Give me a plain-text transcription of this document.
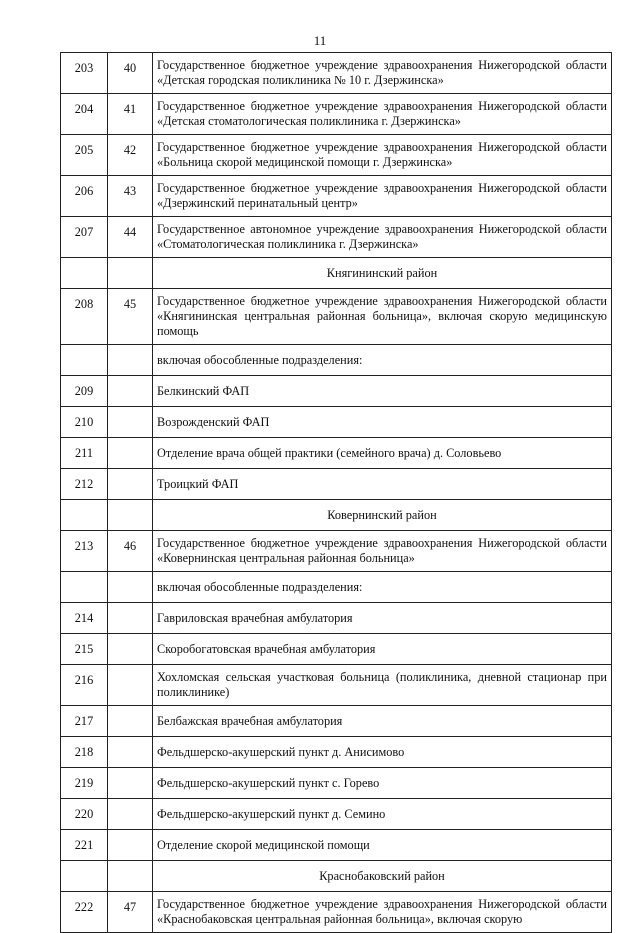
11
203	40	Государственное бюджетное учреждение здравоохранения Нижегородской области «Детская городская поликлиника № 10 г. Дзержинска»
204	41	Государственное бюджетное учреждение здравоохранения Нижегородской области «Детская стоматологическая поликлиника г. Дзержинска»
205	42	Государственное бюджетное учреждение здравоохранения Нижегородской области «Больница скорой медицинской помощи г. Дзержинска»
206	43	Государственное бюджетное учреждение здравоохранения Нижегородской области «Дзержинский перинатальный центр»
207	44	Государственное автономное учреждение здравоохранения Нижегородской области «Стоматологическая поликлиника г. Дзержинска»
		Княгининский район
208	45	Государственное бюджетное учреждение здравоохранения Нижегородской области «Княгининская центральная районная больница», включая скорую медицинскую помощь
		включая обособленные подразделения:
209		Белкинский ФАП
210		Возрожденский ФАП
211		Отделение врача общей практики (семейного врача) д. Соловьево
212		Троицкий ФАП
		Ковернинский район
213	46	Государственное бюджетное учреждение здравоохранения Нижегородской области «Ковернинская центральная районная больница»
		включая обособленные подразделения:
214		Гавриловская врачебная амбулатория
215		Скоробогатовская врачебная амбулатория
216		Хохломская сельская участковая больница (поликлиника, дневной стационар при поликлинике)
217		Белбажская врачебная амбулатория
218		Фельдшерско-акушерский пункт д. Анисимово
219		Фельдшерско-акушерский пункт с. Горево
220		Фельдшерско-акушерский пункт д. Семино
221		Отделение скорой медицинской помощи
		Краснобаковский район
222	47	Государственное бюджетное учреждение здравоохранения Нижегородской области «Краснобаковская центральная районная больница», включая скорую
